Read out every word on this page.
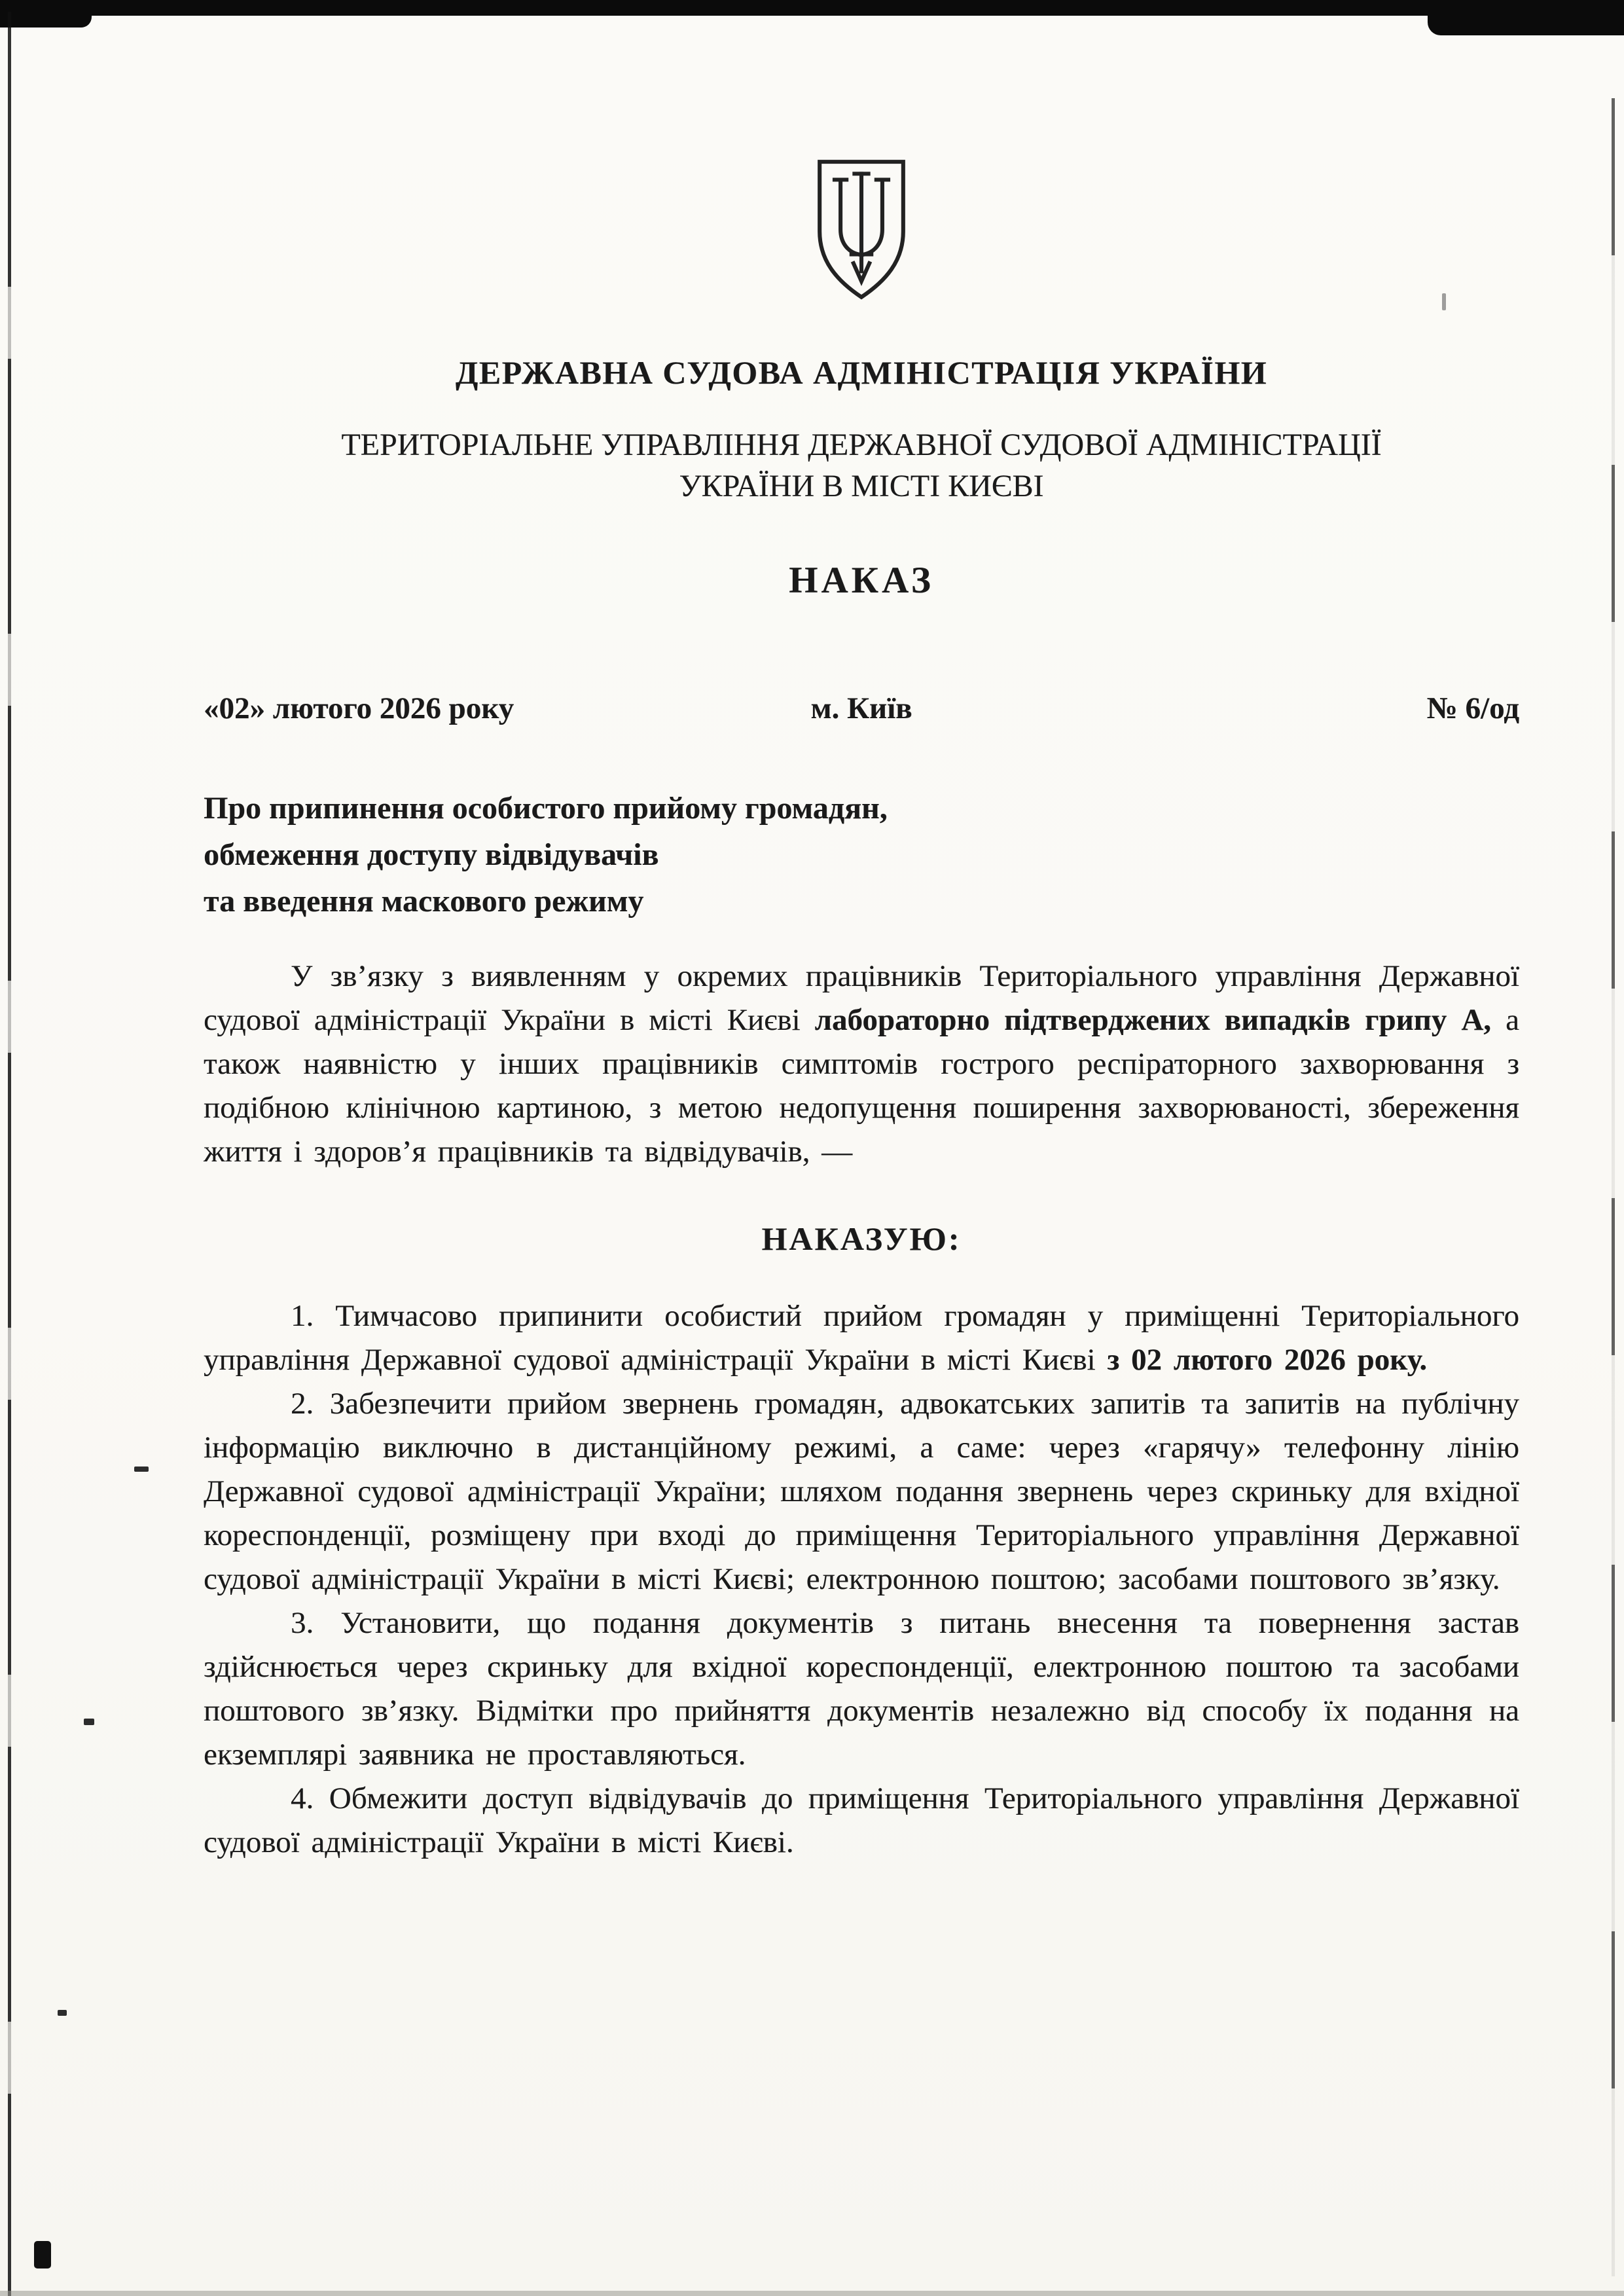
ДЕРЖАВНА СУДОВА АДМІНІСТРАЦІЯ УКРАЇНИ
ТЕРИТОРІАЛЬНЕ УПРАВЛІННЯ ДЕРЖАВНОЇ СУДОВОЇ АДМІНІСТРАЦІЇ
УКРАЇНИ В МІСТІ КИЄВІ
НАКАЗ
«02» лютого 2026 року	м. Київ	№ 6/од
Про припинення особистого прийому громадян,
обмеження доступу відвідувачів
та введення маскового режиму

У зв’язку з виявленням у окремих працівників Територіального управління Державної судової адміністрації України в місті Києві лабораторно підтверджених випадків грипу А, а також наявністю у інших працівників симптомів гострого респіраторного захворювання з подібною клінічною картиною, з метою недопущення поширення захворюваності, збереження життя і здоров’я працівників та відвідувачів, —

НАКАЗУЮ:

1. Тимчасово припинити особистий прийом громадян у приміщенні Територіального управління Державної судової адміністрації України в місті Києві з 02 лютого 2026 року.

2. Забезпечити прийом звернень громадян, адвокатських запитів та запитів на публічну інформацію виключно в дистанційному режимі, а саме: через «гарячу» телефонну лінію Державної судової адміністрації України; шляхом подання звернень через скриньку для вхідної кореспонденції, розміщену при вході до приміщення Територіального управління Державної судової адміністрації України в місті Києві; електронною поштою; засобами поштового зв’язку.

3. Установити, що подання документів з питань внесення та повернення застав здійснюється через скриньку для вхідної кореспонденції, електронною поштою та засобами поштового зв’язку. Відмітки про прийняття документів незалежно від способу їх подання на екземплярі заявника не проставляються.

4. Обмежити доступ відвідувачів до приміщення Територіального управління Державної судової адміністрації України в місті Києві.
